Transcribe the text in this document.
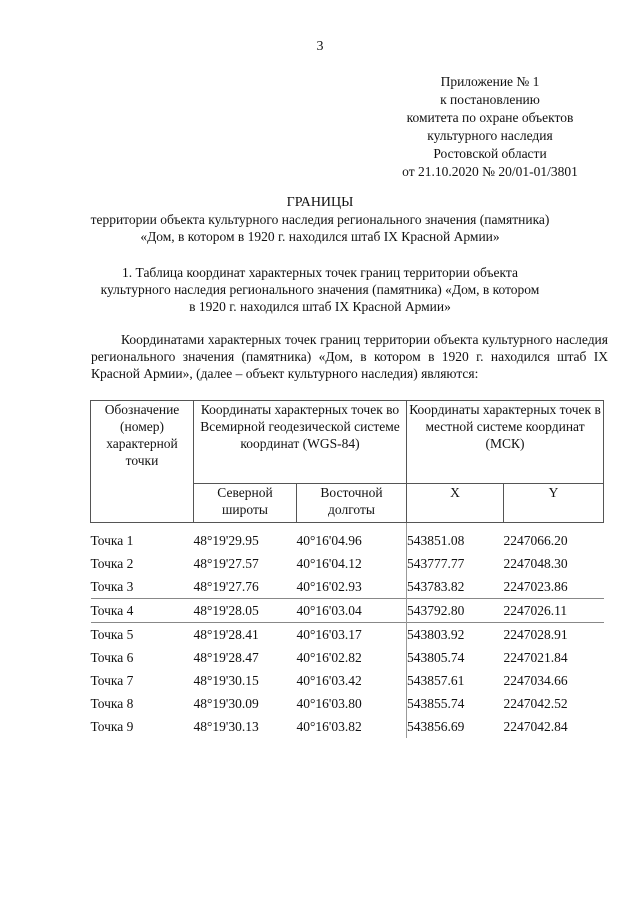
3
Приложение № 1
к постановлению
комитета по охране объектов
культурного наследия
Ростовской области
от 21.10.2020 № 20/01-01/3801
ГРАНИЦЫ
территории объекта культурного наследия регионального значения (памятника)
«Дом, в котором в 1920 г. находился штаб IX Красной Армии»
1. Таблица координат характерных точек границ территории объекта
культурного наследия регионального значения (памятника) «Дом, в котором
в 1920 г. находился штаб IX Красной Армии»
Координатами характерных точек границ территории объекта культурного наследия регионального значения (памятника) «Дом, в котором в 1920 г. находился штаб IX Красной Армии», (далее – объект культурного наследия) являются:
Обозначение (номер) характерной точки	Координаты характерных точек во Всемирной геодезической системе координат (WGS-84)		Координаты характерных точек в местной системе координат (МСК)	
	Северной широты	Восточной долготы	X	Y
Точка 1	48°19'29.95	40°16'04.96	543851.08	2247066.20
Точка 2	48°19'27.57	40°16'04.12	543777.77	2247048.30
Точка 3	48°19'27.76	40°16'02.93	543783.82	2247023.86
Точка 4	48°19'28.05	40°16'03.04	543792.80	2247026.11
Точка 5	48°19'28.41	40°16'03.17	543803.92	2247028.91
Точка 6	48°19'28.47	40°16'02.82	543805.74	2247021.84
Точка 7	48°19'30.15	40°16'03.42	543857.61	2247034.66
Точка 8	48°19'30.09	40°16'03.80	543855.74	2247042.52
Точка 9	48°19'30.13	40°16'03.82	543856.69	2247042.84
